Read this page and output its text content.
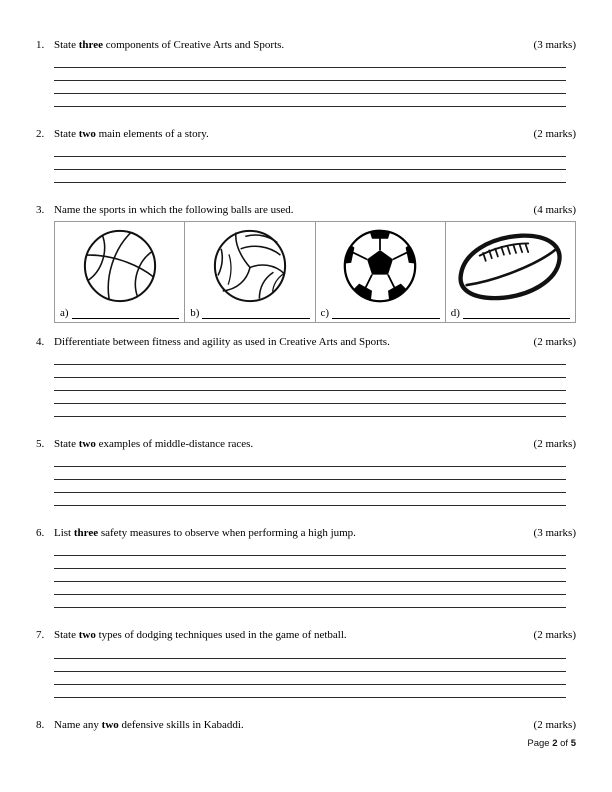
1. State three components of Creative Arts and Sports.	(3 marks)
2. State two main elements of a story.	(2 marks)
3. Name the sports in which the following balls are used.	(4 marks)
a)	b)	c)	d)
4. Differentiate between fitness and agility as used in Creative Arts and Sports.	(2 marks)
5. State two examples of middle-distance races.	(2 marks)
6. List three safety measures to observe when performing a high jump.	(3 marks)
7. State two types of dodging techniques used in the game of netball.	(2 marks)
8. Name any two defensive skills in Kabaddi.	(2 marks)
Page 2 of 5
